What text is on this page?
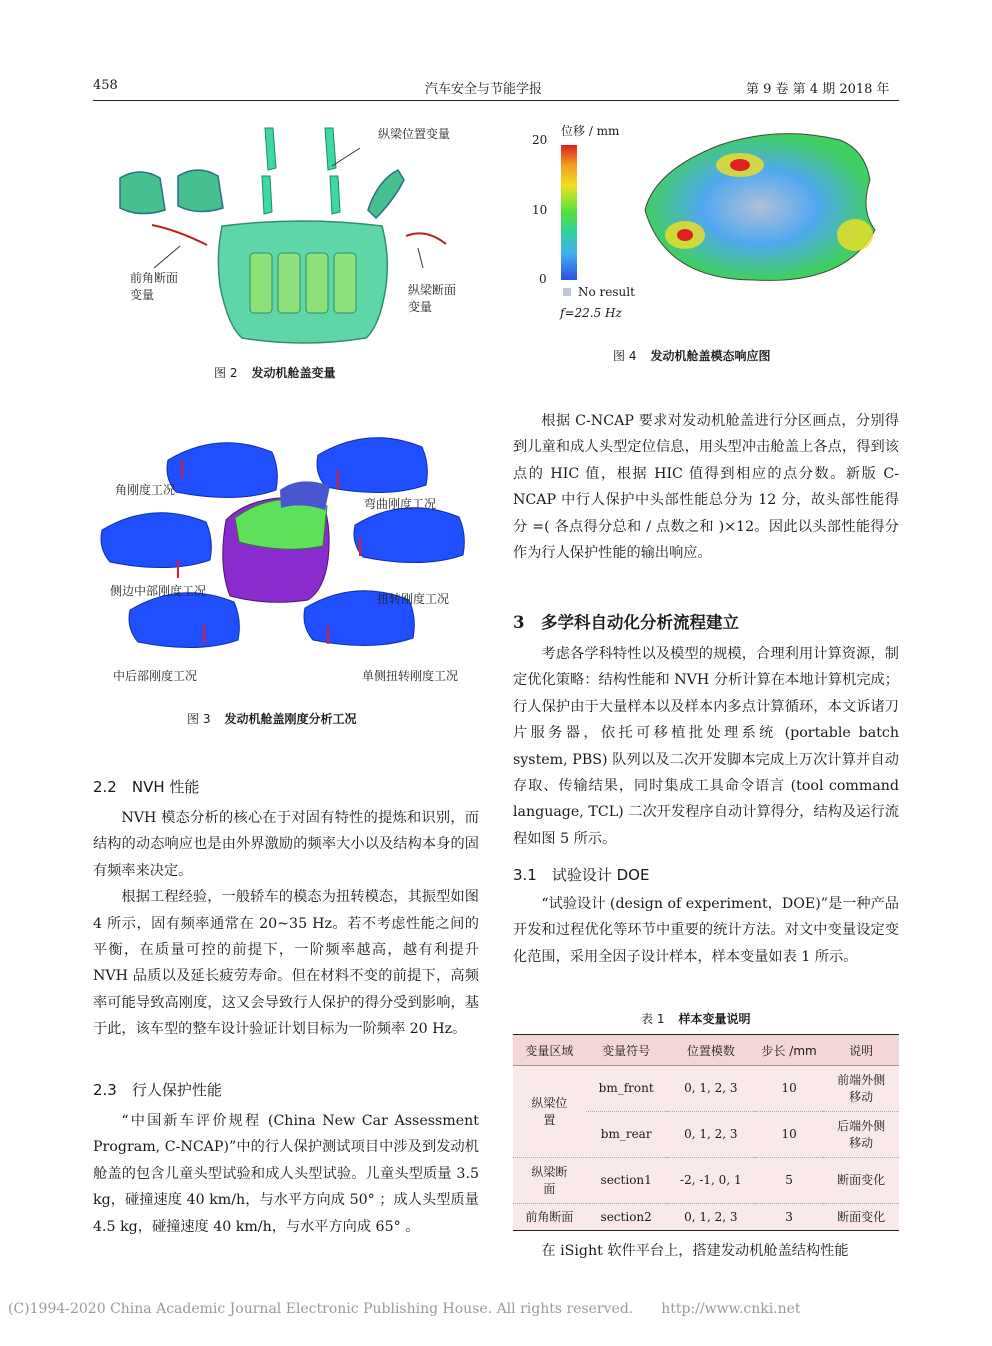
458	汽车安全与节能学报	第 9 卷 第 4 期 2018 年
纵梁位置变量
前角断面变量	纵梁断面变量
图 2 发动机舱盖变量
角刚度工况
弯曲刚度工况
侧边中部刚度工况
扭转刚度工况
中后部刚度工况	单侧扭转刚度工况
图 3 发动机舱盖刚度分析工况
位移 / mm
20
10
0
No result
f=22.5 Hz
图 4 发动机舱盖模态响应图
2.2　NVH 性能

NVH 模态分析的核心在于对固有特性的提炼和识别，而结构的动态响应也是由外界激励的频率大小以及结构本身的固有频率来决定。

根据工程经验，一般轿车的模态为扭转模态，其振型如图 4 所示，固有频率通常在 20~35 Hz。若不考虑性能之间的平衡，在质量可控的前提下，一阶频率越高，越有利提升 NVH 品质以及延长疲劳寿命。但在材料不变的前提下，高频率可能导致高刚度，这又会导致行人保护的得分受到影响，基于此，该车型的整车设计验证计划目标为一阶频率 20 Hz。

2.3　行人保护性能

“中国新车评价规程 (China New Car Assessment Program, C-NCAP)”中的行人保护测试项目中涉及到发动机舱盖的包含儿童头型试验和成人头型试验。儿童头型质量 3.5 kg，碰撞速度 40 km/h，与水平方向成 50° ；成人头型质量 4.5 kg，碰撞速度 40 km/h，与水平方向成 65° 。

根据 C-NCAP 要求对发动机舱盖进行分区画点，分别得到儿童和成人头型定位信息，用头型冲击舱盖上各点，得到该点的 HIC 值，根据 HIC 值得到相应的点分数。新版 C-NCAP 中行人保护中头部性能总分为 12 分，故头部性能得分 =( 各点得分总和 / 点数之和 )×12。因此以头部性能得分作为行人保护性能的输出响应。

3　多学科自动化分析流程建立

考虑各学科特性以及模型的规模，合理利用计算资源，制定优化策略：结构性能和 NVH 分析计算在本地计算机完成；行人保护由于大量样本以及样本内多点计算循环，本文诉诸刀片服务器，依托可移植批处理系统 (portable batch system, PBS) 队列以及二次开发脚本完成上万次计算并自动存取、传输结果，同时集成工具命令语言 (tool command language, TCL) 二次开发程序自动计算得分，结构及运行流程如图 5 所示。

3.1　试验设计 DOE

“试验设计 (design of experiment，DOE)”是一种产品开发和过程优化等环节中重要的统计方法。对文中变量设定变化范围，采用全因子设计样本，样本变量如表 1 所示。

表 1 样本变量说明
变量区域	变量符号	位置模数	步长 /mm	说明
纵梁位置	bm_front	0, 1, 2, 3	10	前端外侧移动
	bm_rear	0, 1, 2, 3	10	后端外侧移动
纵梁断面	section1	-2, -1, 0, 1	5	断面变化
前角断面	section2	0, 1, 2, 3	3	断面变化

在 iSight 软件平台上，搭建发动机舱盖结构性能

(C)1994-2020 China Academic Journal Electronic Publishing House. All rights reserved.　　http://www.cnki.net
